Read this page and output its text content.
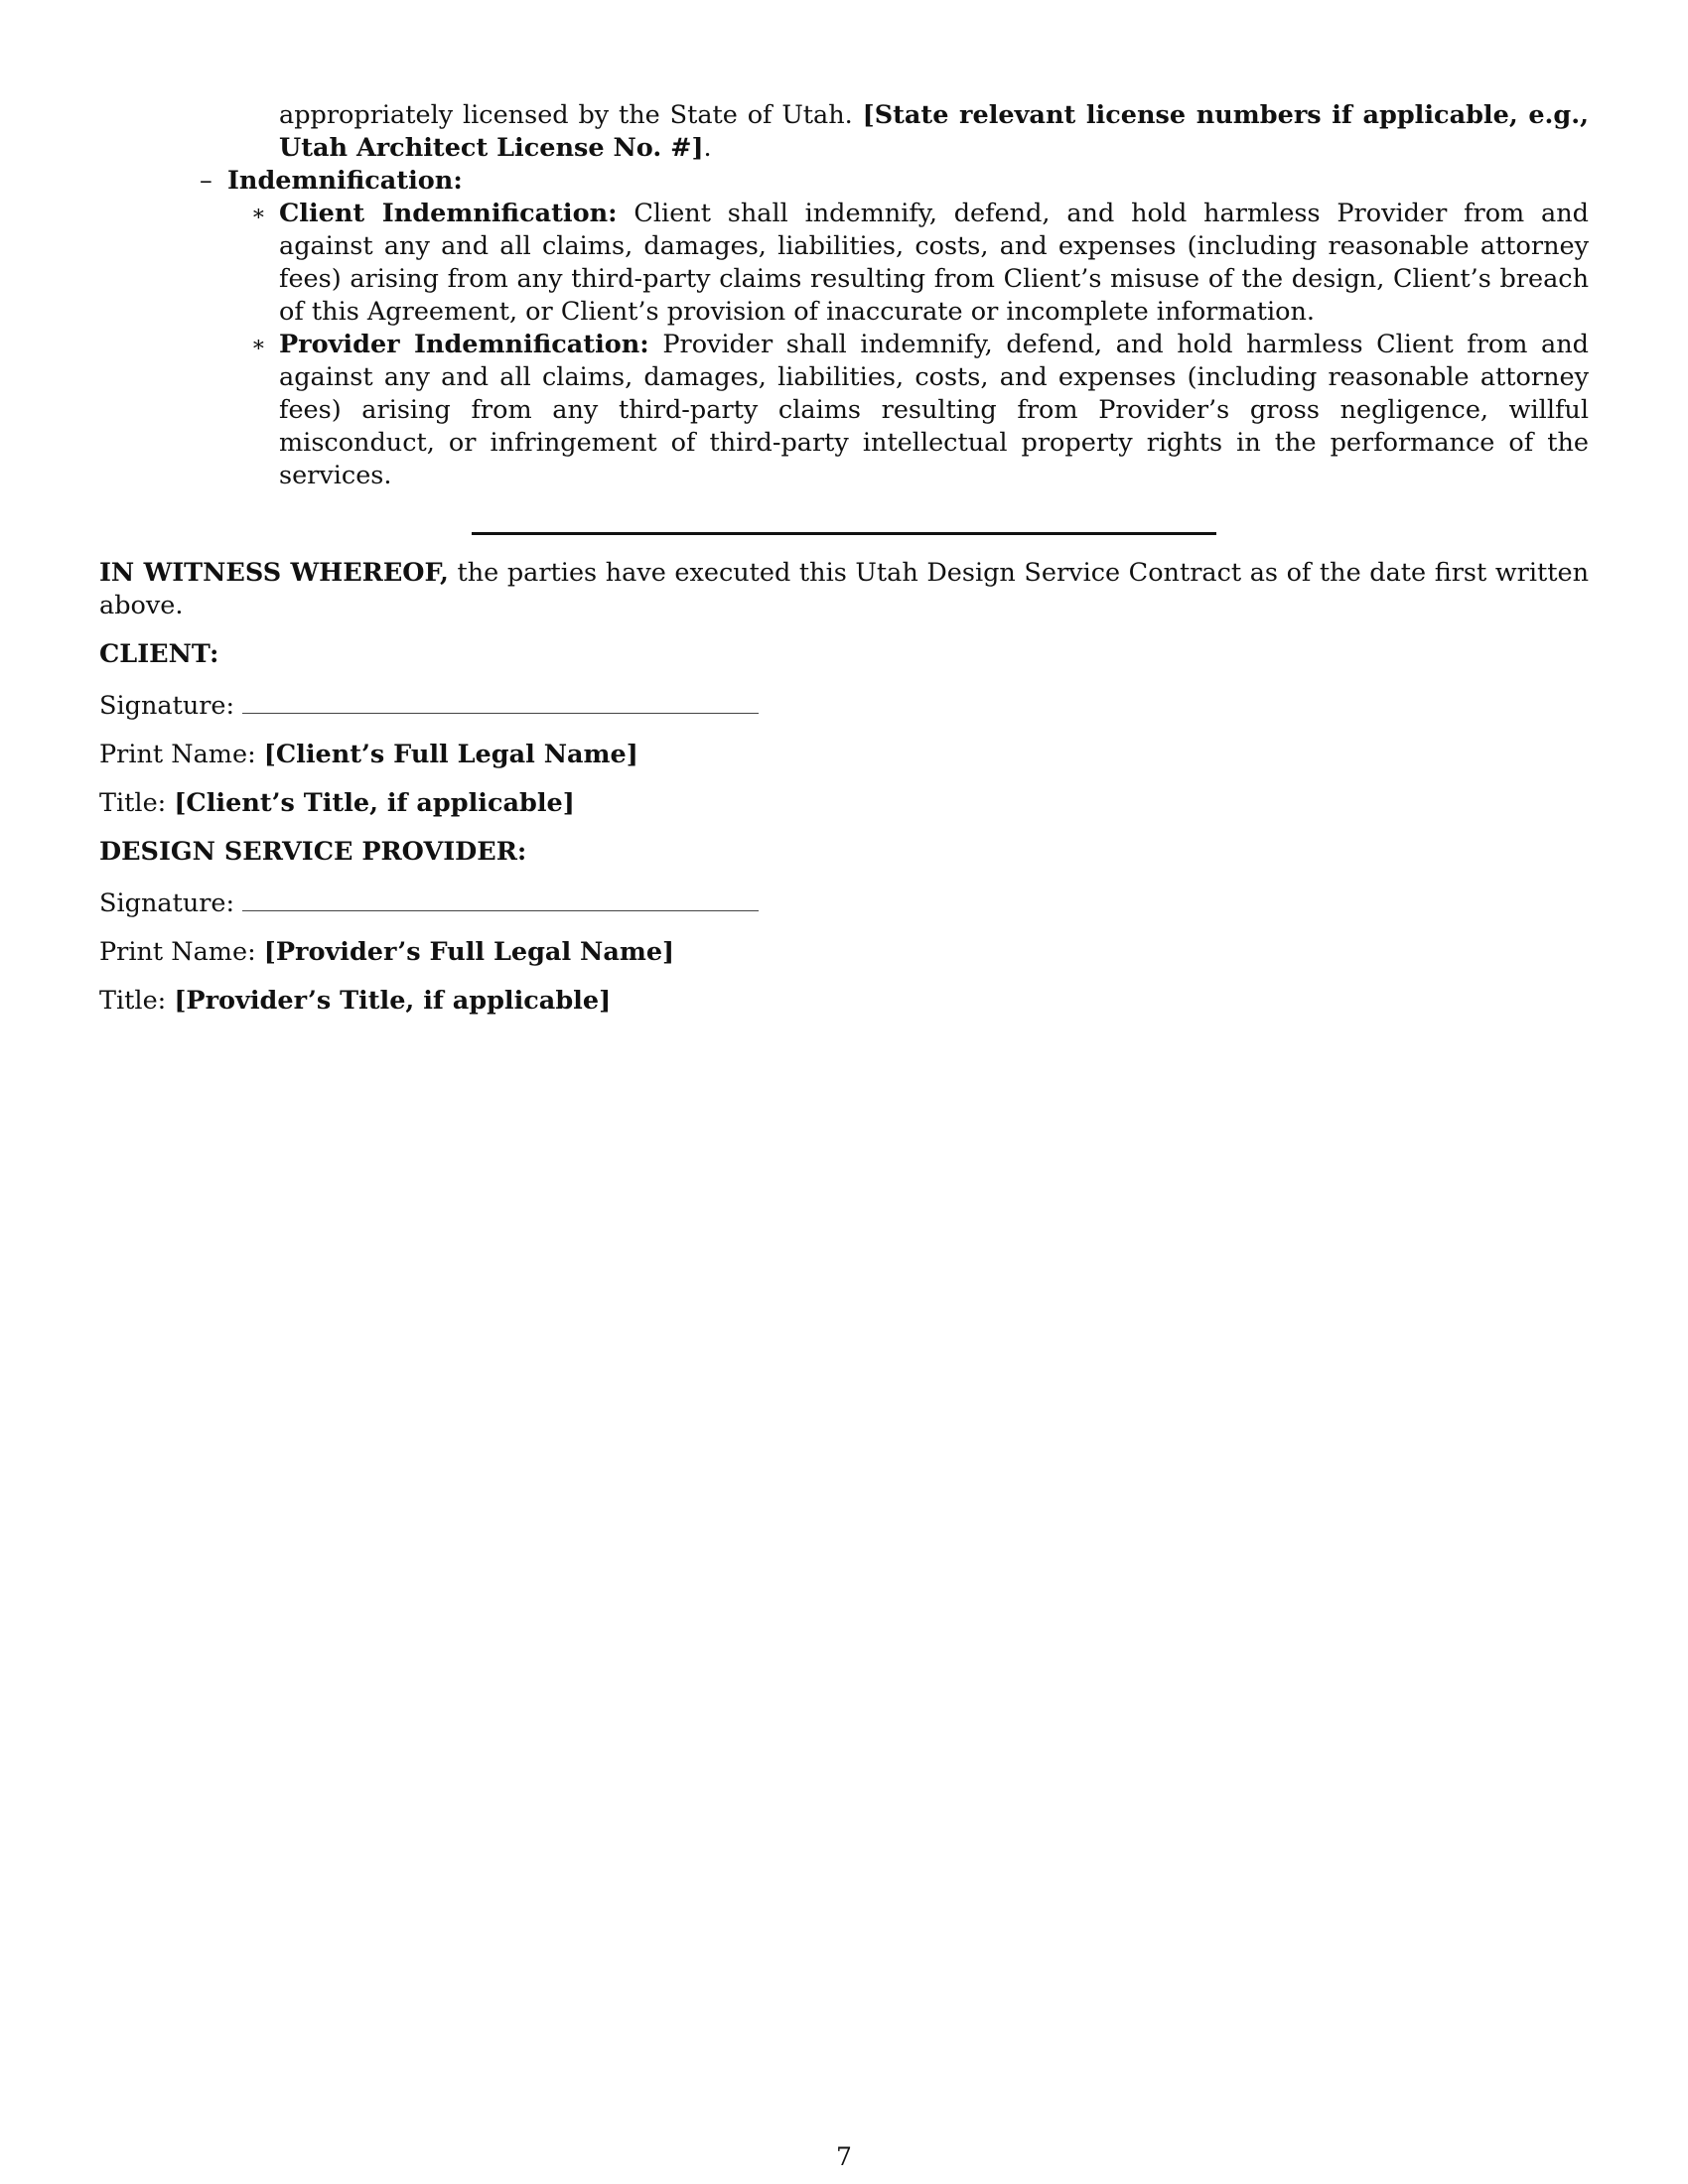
appropriately licensed by the State of Utah. [State relevant license numbers if applicable, e.g., Utah Architect License No. #].
– Indemnification:
∗ Client Indemnification: Client shall indemnify, defend, and hold harmless Provider from and against any and all claims, damages, liabilities, costs, and expenses (including reasonable attorney fees) arising from any third-party claims resulting from Client’s misuse of the design, Client’s breach of this Agreement, or Client’s provision of inaccurate or incomplete information.
∗ Provider Indemnification: Provider shall indemnify, defend, and hold harmless Client from and against any and all claims, damages, liabilities, costs, and expenses (including reasonable attorney fees) arising from any third-party claims resulting from Provider’s gross negligence, willful misconduct, or infringement of third-party intellectual property rights in the performance of the services.
IN WITNESS WHEREOF, the parties have executed this Utah Design Service Contract as of the date first written above.
CLIENT:
Signature:
Print Name: [Client’s Full Legal Name]
Title: [Client’s Title, if applicable]
DESIGN SERVICE PROVIDER:
Signature:
Print Name: [Provider’s Full Legal Name]
Title: [Provider’s Title, if applicable]
7
